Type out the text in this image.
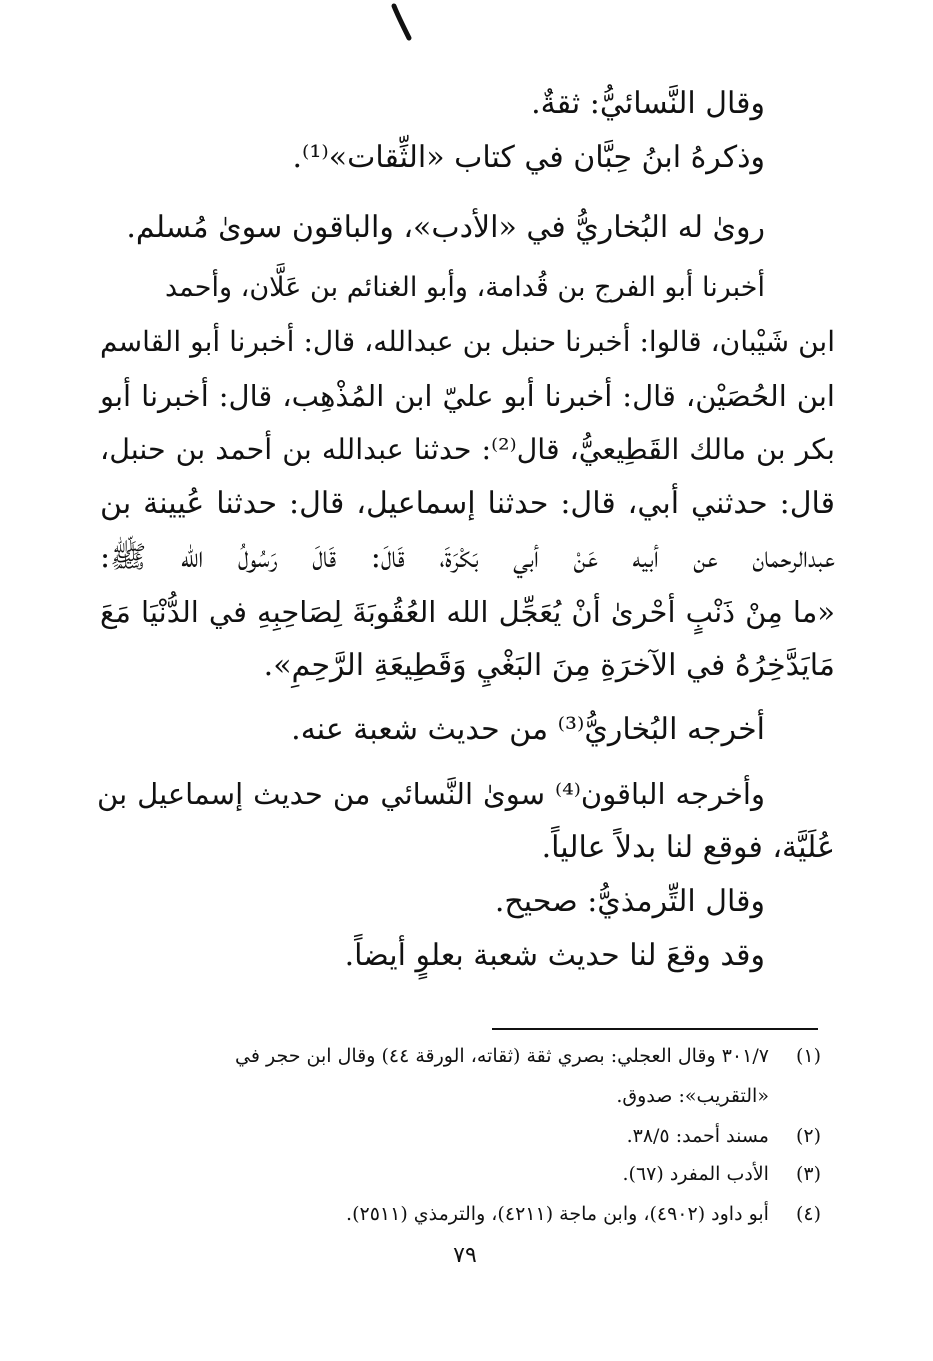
وقال النَّسائيُّ: ثقةٌ.
وذكرهُ ابنُ حِبَّان في كتاب «الثِّقات»⁽¹⁾.
روىٰ له البُخاريُّ في «الأدب»، والباقون سوىٰ مُسلم.
أخبرنا أبو الفرج بن قُدامة، وأبو الغنائم بن عَلَّان، وأحمد
ابن شَيْبان، قالوا: أخبرنا حنبل بن عبدالله، قال: أخبرنا أبو القاسم
ابن الحُصَيْن، قال: أخبرنا أبو عليّ ابن المُذْهِب، قال: أخبرنا أبو
بكر بن مالك القَطِيعيُّ، قال⁽²⁾: حدثنا عبدالله بن أحمد بن حنبل،
قال: حدثني أبي، قال: حدثنا إسماعيل، قال: حدثنا عُيينة بن
عبدالرحمان عن أبيه عَنْ أبي بَكْرَةَ، قَالَ: قَالَ رَسُولُ الله ﷺ:
«ما مِنْ ذَنْبٍ أحْرىٰ أنْ يُعَجِّل الله العُقُوبَةَ لِصَاحِبِهِ في الدُّنْيَا مَعَ
مَايَدَّخِرُهُ في الآخرَةِ مِنَ البَغْيِ وَقَطِيعَةِ الرَّحِمِ».
أخرجه البُخاريُّ⁽³⁾ من حديث شعبة عنه.
وأخرجه الباقون⁽⁴⁾ سوىٰ النَّسائي من حديث إسماعيل بن
عُلَيَّة، فوقع لنا بدلاً عالياً.
وقال التِّرمذيُّ: صحيح.
وقد وقعَ لنا حديث شعبة بعلوٍ أيضاً.
(١) ٣٠١/٧ وقال العجلي: بصري ثقة (ثقاته، الورقة ٤٤) وقال ابن حجر في
«التقريب»: صدوق.
(٢) مسند أحمد: ٣٨/٥.
(٣) الأدب المفرد (٦٧).
(٤) أبو داود (٤٩٠٢)، وابن ماجة (٤٢١١)، والترمذي (٢٥١١).
٧٩
